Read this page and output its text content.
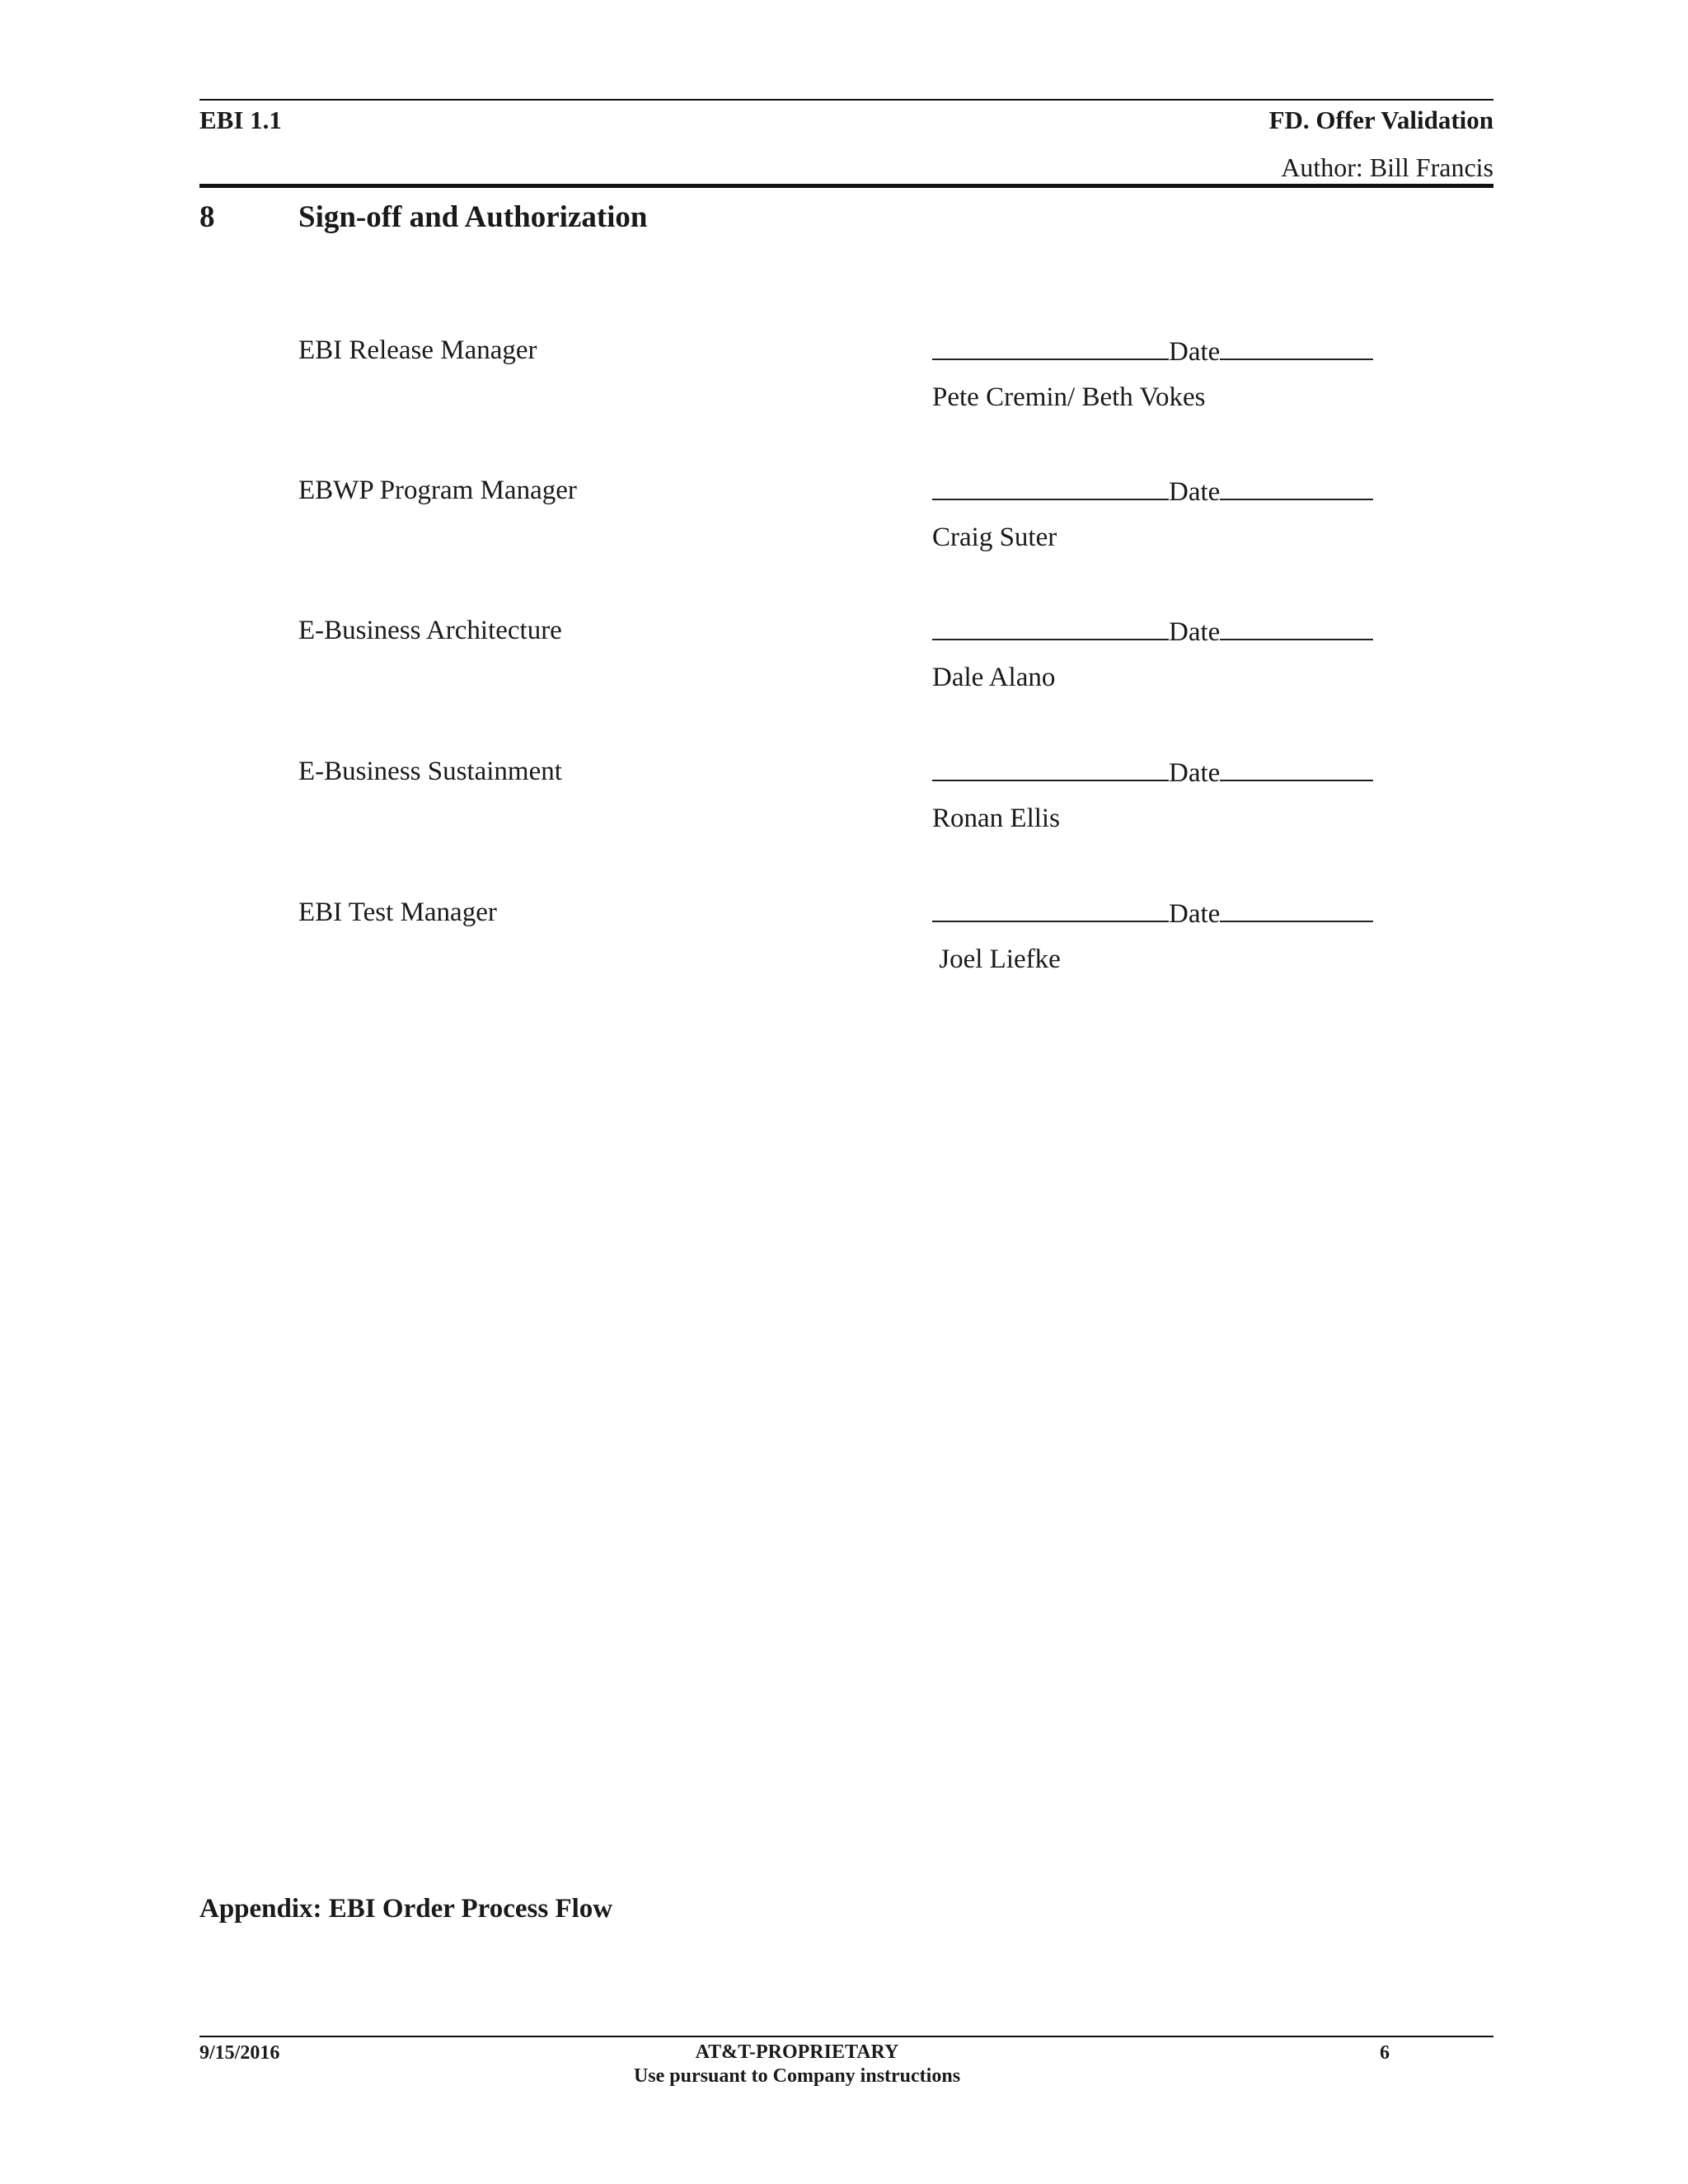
EBI 1.1	FD. Offer Validation
Author: Bill Francis
8	Sign-off and Authorization
EBI Release Manager	Date
Pete Cremin/ Beth Vokes
EBWP Program Manager	Date
Craig Suter
E-Business Architecture	Date
Dale Alano
E-Business Sustainment	Date
Ronan Ellis
EBI Test Manager	Date
Joel Liefke
Appendix: EBI Order Process Flow
9/15/2016	AT&T-PROPRIETARY
Use pursuant to Company instructions
6
